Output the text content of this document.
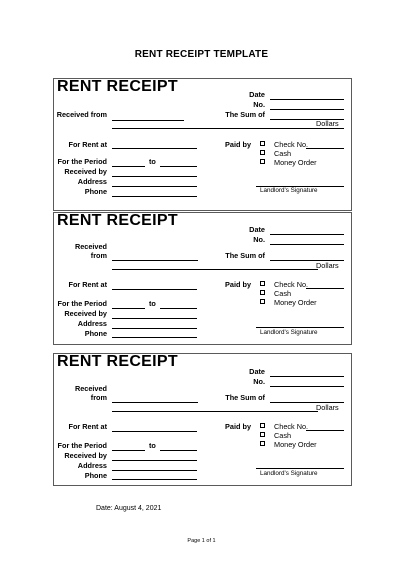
RENT RECEIPT TEMPLATE
RENT RECEIPT
Received from
For Rent at
For the Period	to
Received by
Address
Phone
Date
No.
The Sum of
Dollars
Paid by	Check No.
Cash
Money Order
Landlord's Signature
RENT RECEIPT
Received
from
For Rent at
For the Period	to
Received by
Address
Phone
Date
No.
The Sum of
Dollars
Paid by	Check No.
Cash
Money Order
Landlord's Signature
RENT RECEIPT
Received
from
For Rent at
For the Period	to
Received by
Address
Phone
Date
No.
The Sum of
Dollars
Paid by	Check No.
Cash
Money Order
Landlord's Signature
Date: August 4, 2021
Page 1 of 1
